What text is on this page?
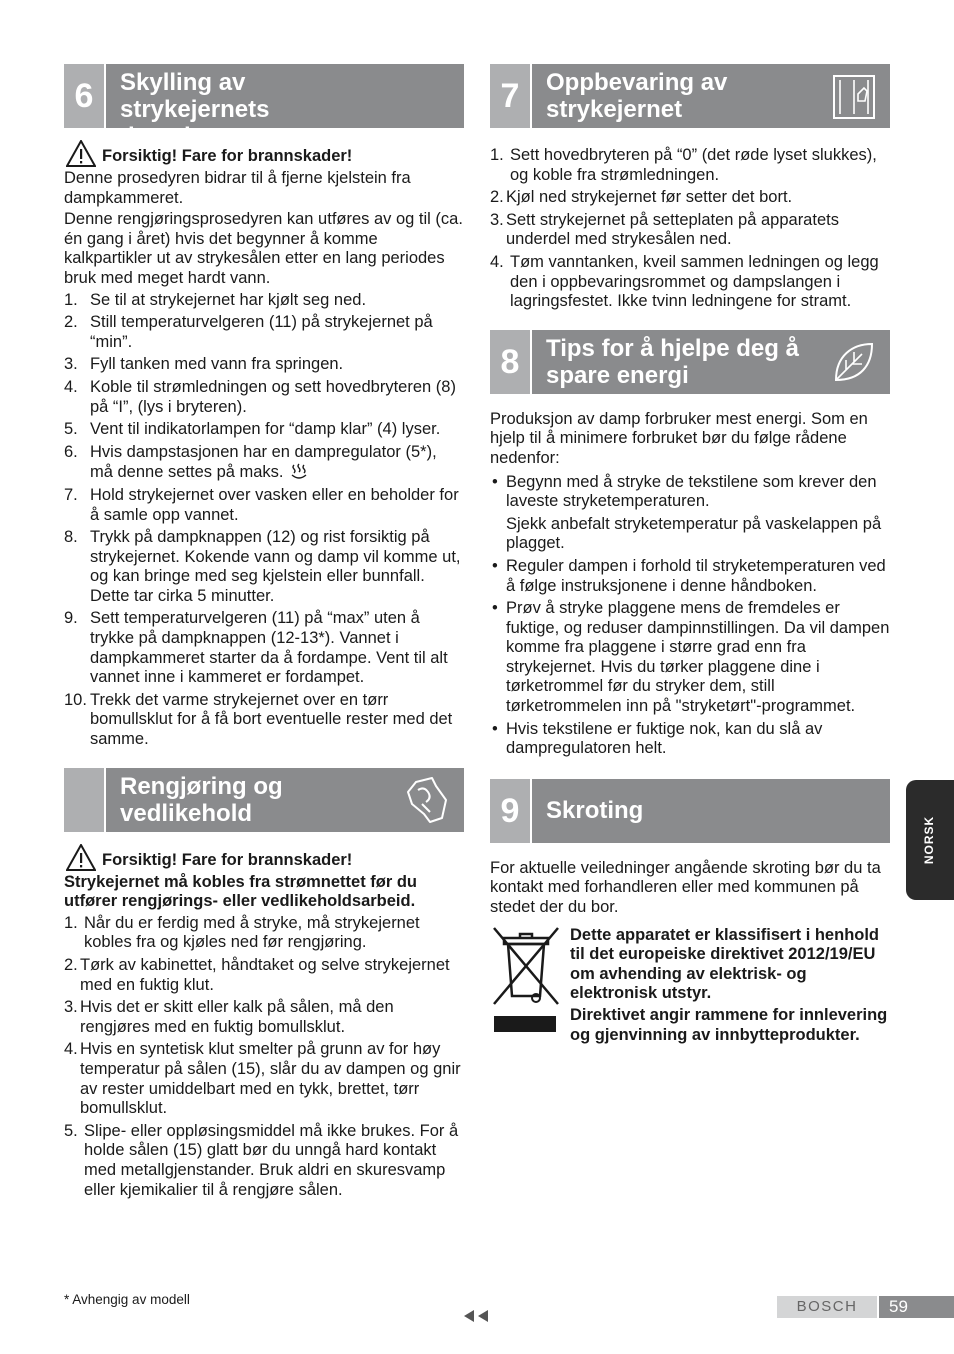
6	Skylling av strykejernets dampkammer
Forsiktig! Fare for brannskader!

Denne prosedyren bidrar til å fjerne kjelstein fra dampkammeret.

Denne rengjøringsprosedyren kan utføres av og til (ca. én gang i året) hvis det begynner å komme kalkpartikler ut av strykesålen etter en lang periodes bruk med meget hardt vann.

1. Se til at strykejernet har kjølt seg ned.
2. Still temperaturvelgeren (11) på strykejernet på “min”.
3. Fyll tanken med vann fra springen.
4. Koble til strømledningen og sett hovedbryteren (8) på “I”, (lys i bryteren).
5. Vent til indikatorlampen for “damp klar” (4) lyser.
6. Hvis dampstasjonen har en dampregulator (5*), må denne settes på maks.
7. Hold strykejernet over vasken eller en beholder for å samle opp vannet.
8. Trykk på dampknappen (12) og rist forsiktig på strykejernet. Kokende vann og damp vil komme ut, og kan bringe med seg kjelstein eller bunnfall. Dette tar cirka 5 minutter.
9. Sett temperaturvelgeren (11) på “max” uten å trykke på dampknappen (12-13*). Vannet i dampkammeret starter da å fordampe. Vent til alt vannet inne i kammeret er fordampet.
10. Trekk det varme strykejernet over en tørr bomullsklut for å få bort eventuelle rester med det samme.
Rengjøring og vedlikehold
Forsiktig! Fare for brannskader!

Strykejernet må kobles fra strømnettet før du utfører rengjørings- eller vedlikeholdsarbeid.

1. Når du er ferdig med å stryke, må strykejernet kobles fra og kjøles ned før rengjøring.
2. Tørk av kabinettet, håndtaket og selve strykejernet med en fuktig klut.
3. Hvis det er skitt eller kalk på sålen, må den rengjøres med en fuktig bomullsklut.
4. Hvis en syntetisk klut smelter på grunn av for høy temperatur på sålen (15), slår du av dampen og gnir av rester umiddelbart med en tykk, brettet, tørr bomullsklut.
5. Slipe- eller oppløsingsmiddel må ikke brukes. For å holde sålen (15) glatt bør du unngå hard kontakt med metallgjenstander. Bruk aldri en skuresvamp eller kjemikalier til å rengjøre sålen.
7	Oppbevaring av strykejernet
1. Sett hovedbryteren på “0” (det røde lyset slukkes), og koble fra strømledningen.
2. Kjøl ned strykejernet før setter det bort.
3. Sett strykejernet på setteplaten på apparatets underdel med strykesålen ned.
4. Tøm vanntanken, kveil sammen ledningen og legg den i oppbevaringsrommet og dampslangen i lagringsfestet. Ikke tvinn ledningene for stramt.
8	Tips for å hjelpe deg å spare energi

Produksjon av damp forbruker mest energi. Som en hjelp til å minimere forbruket bør du følge rådene nedenfor:

• Begynn med å stryke de tekstilene som krever den laveste stryketemperaturen.
Sjekk anbefalt stryketemperatur på vaskelappen på plagget.
• Reguler dampen i forhold til stryketemperaturen ved å følge instruksjonene i denne håndboken.
• Prøv å stryke plaggene mens de fremdeles er fuktige, og reduser dampinnstillingen. Da vil dampen komme fra plaggene i større grad enn fra strykejernet. Hvis du tørker plaggene dine i tørketrommel før du stryker dem, still tørketrommelen inn på "stryketørt"-programmet.
• Hvis tekstilene er fuktige nok, kan du slå av dampregulatoren helt.
9	Skroting

For aktuelle veiledninger angående skroting bør du ta kontakt med forhandleren eller med kommunen på stedet der du bor.

Dette apparatet er klassifisert i henhold til det europeiske direktivet 2012/19/EU om avhending av elektrisk- og elektronisk utstyr.

Direktivet angir rammene for innlevering og gjenvinning av innbytteprodukter.

NORSK
* Avhengig av modell	BOSCH	59
